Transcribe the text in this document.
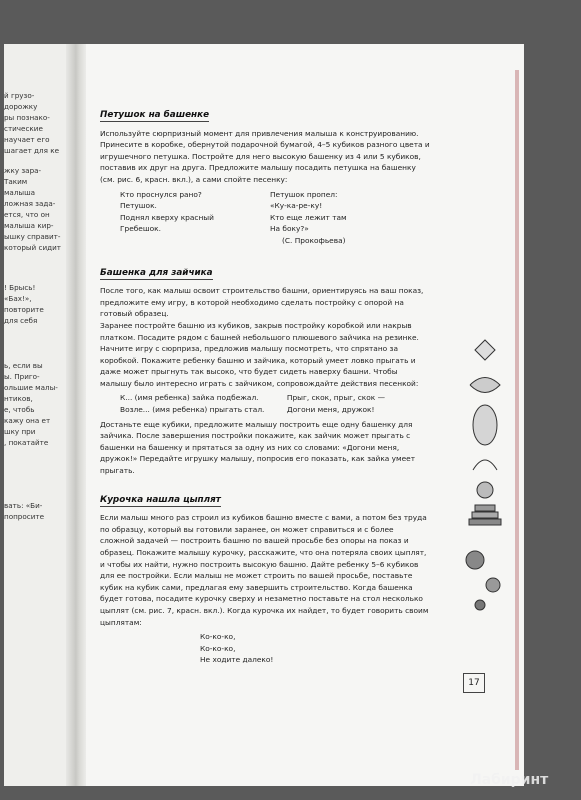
й грузо-
дорожку
ры познако-
стические
научает его
шагает для ке
жку зара-
Таким
малыша
ложная зада-
ется, что он
малыша кир-
ышку справит-
который сидит
! Брысь!
«Бах!»,
повторите
для себя
ь, если вы
ы. Приго-
ольшие малы-
нтиков,
е, чтобь
кажу она ет
шку при
, покатайте
вать: «Би-
попросите
Петушок на башенке

Используйте сюрпризный момент для привлечения малыша к конструированию. Принесите в коробке, обернутой подарочной бумагой, 4–5 кубиков разного цвета и игрушечного петушка. Постройте для него высокую башенку из 4 или 5 кубиков, поставив их друг на друга. Предложите малышу посадить петушка на башенку (см. рис. 6, красн. вкл.), а сами спойте песенку:

Кто проснулся рано?
Петушок.
Поднял кверху красный
Гребешок.
Петушок пропел:
«Ку-ка-ре-ку!
Кто еще лежит там
На боку?»
(С. Прокофьева)
Башенка для зайчика

После того, как малыш освоит строительство башни, ориентируясь на ваш показ, предложите ему игру, в которой необходимо сделать постройку с опорой на готовый образец.

Заранее постройте башню из кубиков, закрыв постройку коробкой или накрыв платком. Посадите рядом с башней небольшого плюшевого зайчика на резинке. Начните игру с сюрприза, предложив малышу посмотреть, что спрятано за коробкой. Покажите ребенку башню и зайчика, который умеет ловко прыгать и даже может прыгнуть так высоко, что будет сидеть наверху башни. Чтобы малышу было интересно играть с зайчиком, сопровождайте действия песенкой:

К... (имя ребенка) зайка подбежал.
Возле... (имя ребенка) прыгать стал.
Прыг, скок, прыг, скок —
Догони меня, дружок!

Достаньте еще кубики, предложите малышу построить еще одну башенку для зайчика. После завершения постройки покажите, как зайчик может прыгать с башенки на башенку и прятаться за одну из них со словами: «Догони меня, дружок!» Передайте игрушку малышу, попросив его показать, как зайка умеет прыгать.

Курочка нашла цыплят

Если малыш много раз строил из кубиков башню вместе с вами, а потом без труда по образцу, который вы готовили заранее, он может справиться и с более сложной задачей — построить башню по вашей просьбе без опоры на показ и образец. Покажите малышу курочку, расскажите, что она потеряла своих цыплят, и чтобы их найти, нужно построить высокую башню. Дайте ребенку 5–6 кубиков для ее постройки. Если малыш не может строить по вашей просьбе, поставьте кубик на кубик сами, предлагая ему завершить строительство. Когда башенка будет готова, посадите курочку сверху и незаметно поставьте на стол несколько цыплят (см. рис. 7, красн. вкл.). Когда курочка их найдет, то будет говорить своим цыплятам:

Ко-ко-ко,
Ко-ко-ко,
Не ходите далеко!
17
Лабиринт
